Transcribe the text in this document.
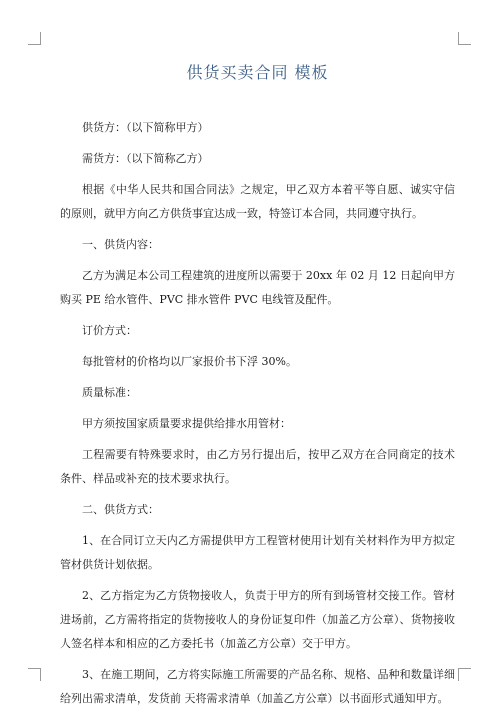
供货买卖合同 模板

供货方：（以下简称甲方）

需货方：（以下简称乙方）

根据《中华人民共和国合同法》之规定，甲乙双方本着平等自愿、诚实守信的原则，就甲方向乙方供货事宜达成一致，特签订本合同，共同遵守执行。

一、供货内容：

乙方为满足本公司工程建筑的进度所以需要于 20xx 年 02 月 12 日起向甲方购买 PE 给水管件、PVC 排水管件 PVC 电线管及配件。

订价方式：

每批管材的价格均以厂家报价书下浮 30%。

质量标准：

甲方须按国家质量要求提供给排水用管材：

工程需要有特殊要求时，由乙方另行提出后，按甲乙双方在合同商定的技术条件、样品或补充的技术要求执行。

二、供货方式：

1、在合同订立天内乙方需提供甲方工程管材使用计划有关材料作为甲方拟定管材供货计划依据。

2、乙方指定为乙方货物接收人，负责于甲方的所有到场管材交接工作。管材进场前，乙方需将指定的货物接收人的身份证复印件（加盖乙方公章）、货物接收人签名样本和相应的乙方委托书（加盖乙方公章）交于甲方。

3、在施工期间，乙方将实际施工所需要的产品名称、规格、品种和数量详细给列出需求清单，发货前 天将需求清单（加盖乙方公章）以书面形式通知甲方。
